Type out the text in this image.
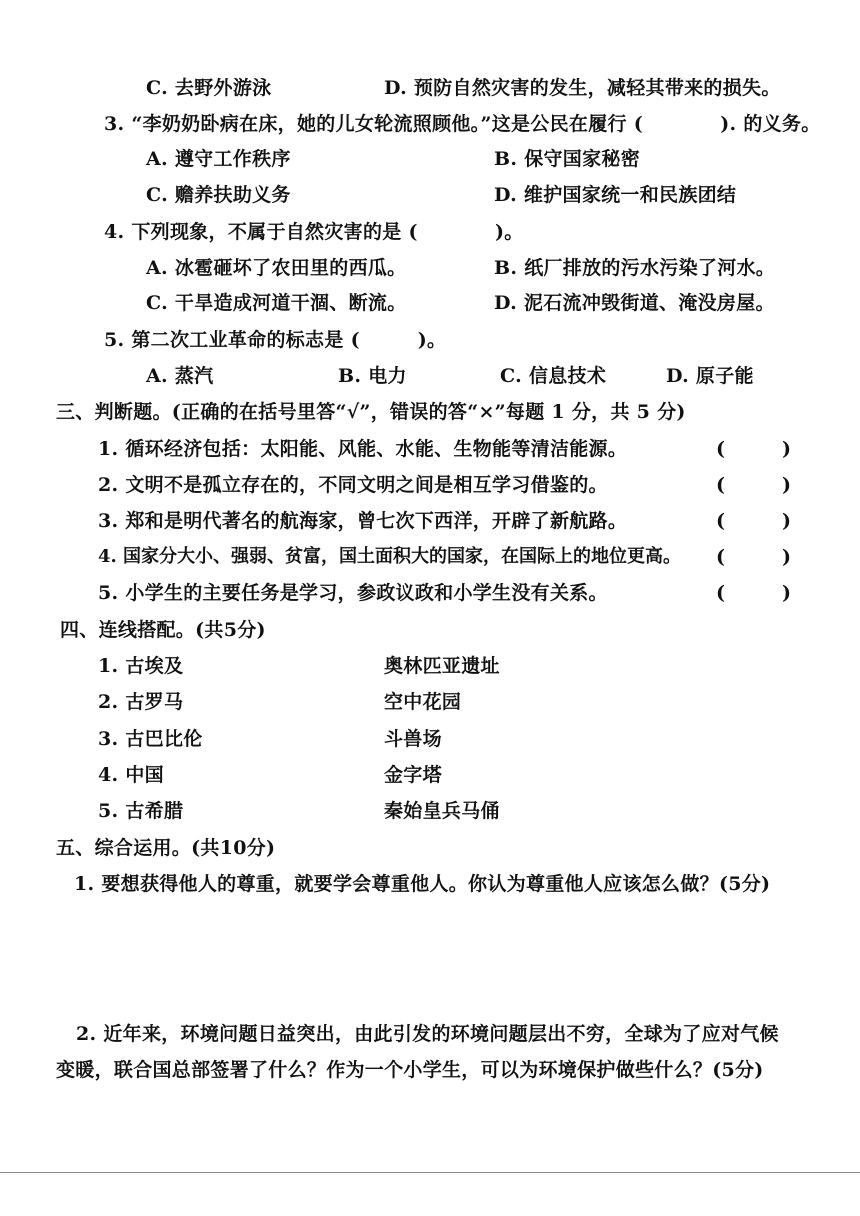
C. 去野外游泳	D. 预防自然灾害的发生，减轻其带来的损失。
3. “李奶奶卧病在床，她的儿女轮流照顾他。”这是公民在履行 (　　　　). 的义务。
A. 遵守工作秩序	B. 保守国家秘密
C. 赡养扶助义务	D. 维护国家统一和民族团结
4. 下列现象，不属于自然灾害的是 (　　　　)。
A. 冰雹砸坏了农田里的西瓜。	B. 纸厂排放的污水污染了河水。
C. 干旱造成河道干涸、断流。	D. 泥石流冲毁街道、淹没房屋。
5. 第二次工业革命的标志是 (　　　)。
A. 蒸汽	B. 电力	C. 信息技术	D. 原子能
三、判断题。(正确的在括号里答“√”，错误的答“×”每题 1 分，共 5 分)
1. 循环经济包括：太阳能、风能、水能、生物能等清洁能源。	(　　　)
2. 文明不是孤立存在的，不同文明之间是相互学习借鉴的。	(　　　)
3. 郑和是明代著名的航海家，曾七次下西洋，开辟了新航路。	(　　　)
4. 国家分大小、强弱、贫富，国土面积大的国家，在国际上的地位更高。 (　　　)
5. 小学生的主要任务是学习，参政议政和小学生没有关系。	(　　　)
四、连线搭配。(共5分)
1. 古埃及	奥林匹亚遗址
2. 古罗马	空中花园
3. 古巴比伦	斗兽场
4. 中国	金字塔
5. 古希腊	秦始皇兵马俑
五、综合运用。(共10分)
1. 要想获得他人的尊重，就要学会尊重他人。你认为尊重他人应该怎么做？(5分)
2. 近年来，环境问题日益突出，由此引发的环境问题层出不穷，全球为了应对气候
变暖，联合国总部签署了什么？作为一个小学生，可以为环境保护做些什么？(5分)
